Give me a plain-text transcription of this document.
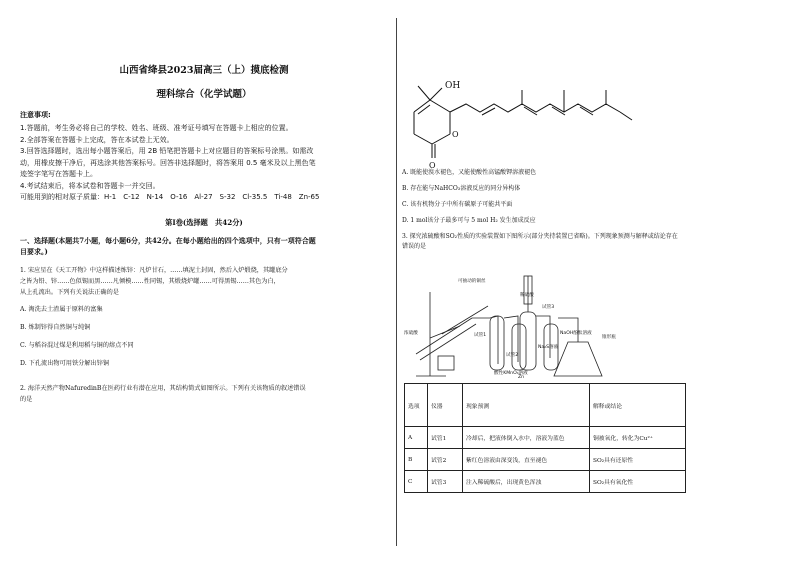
山西省绛县2023届高三（上）摸底检测
理科综合（化学试题）
注意事项:

1.答题前，考生务必将自己的学校、姓名、班级、准考证号填写在答题卡上相应的位置。

2.全部答案在答题卡上完成，答在本试卷上无效。

3.回答选择题时，选出每小题答案后，用 2B 铅笔把答题卡上对应题目的答案标号涂黑。如需改

动，用橡皮擦干净后，再选涂其他答案标号。回答非选择题时，将答案用 0.5 毫米及以上黑色笔

迹签字笔写在答题卡上。

4.考试结束后，将本试卷和答题卡一并交回。

可能用到的相对原子质量：H-1　C-12　N-14　O-16　Al-27　S-32　Cl-35.5　Ti-48　Zn-65

第Ⅰ卷(选择题　共42分)

一、选择题(本题共7小题，每小题6分，共42分。在每小题给出的四个选项中，只有一项符合题

目要求。)

1. 宋应星在《天工开物》中这样描述炼锌：凡炉甘石，……填泥土封固，然后入炉煅烧，其罐底分

之皆为铅、锌……色似锡而黑……凡倾模……性同锡，其煅烧炉罐……可得黑锡……其色为白，

从上孔流出。下列有关说法正确的是

A. 淘洗去土渣属于原料的富集

B. 炼制锌得自然铜与纯铜

C. 与稻谷混过煤是利用稻与铜的熔点不同

D. 下孔流出物可用铁分解出锌铜

2. 海洋天然产物NafuredinB在医药行业有潜在应用，其结构简式如图所示。下列有关该物质的叙述错误

的是

OH
O
O

A. 既能使溴水褪色，又能使酸性高锰酸钾溶液褪色

B. 存在能与NaHCO₃溶液反应的同分异构体

C. 该有机物分子中所有碳原子可能共平面

D. 1 mol该分子最多可与 5 mol H₂ 发生加成反应

3. 探究浓硫酸和SO₂性质的实验装置如下图所示(部分夹持装置已省略)。下列现象预测与解释或结论存在

错误的是

可抽动的铜丝
浓硫酸	试管1
试管2
酸性KMnO₄溶液
稀硫酸
Zn
试管3
Na₂S溶液
NaOH酚酞溶液
锥形瓶
选项	仪器	现象预测	解释或结论
A	试管1	冷却后，把液体倒入水中，溶液为蓝色	铜被氧化，转化为Cu²⁺
B	试管2	紫红色溶液由深变浅，直至褪色	SO₂具有还原性
C	试管3	注入稀硫酸后，出现黄色浑浊	SO₂具有氧化性
